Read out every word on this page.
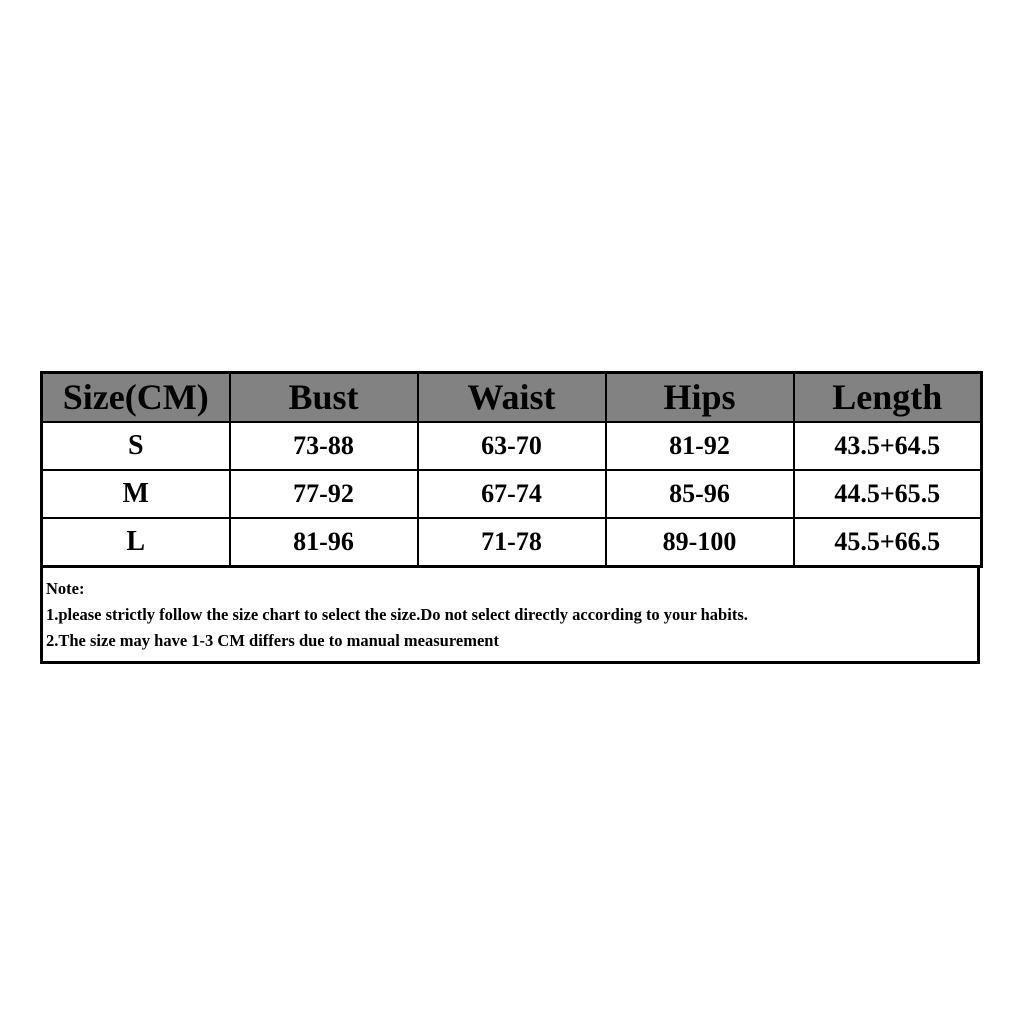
Size(CM)	Bust	Waist	Hips	Length
S	73-88	63-70	81-92	43.5+64.5
M	77-92	67-74	85-96	44.5+65.5
L	81-96	71-78	89-100	45.5+66.5
Note:
1.please strictly follow the size chart to select the size.Do not select directly according to your habits.
2.The size may have 1-3 CM differs due to manual measurement
